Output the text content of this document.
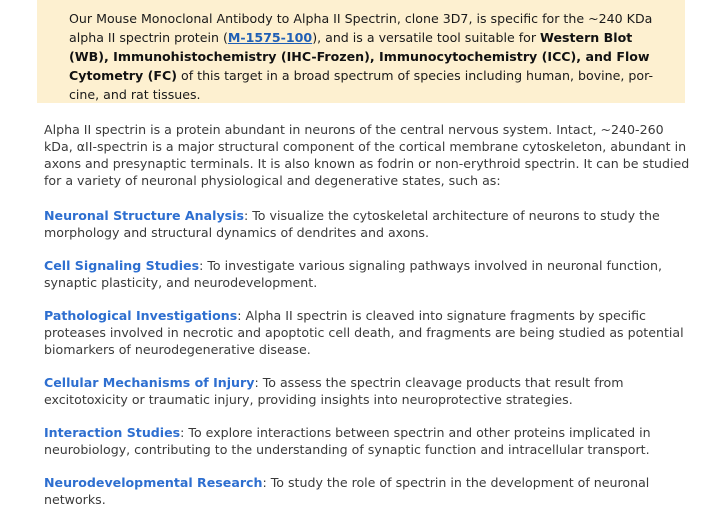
Our Mouse Monoclonal Antibody to Alpha II Spectrin, clone 3D7, is specific for the ~240 KDa alpha II spectrin protein (M-1575-100), and is a versatile tool suitable for Western Blot (WB), Immunohistochemistry (IHC-Frozen), Immunocytochemistry (ICC), and Flow Cytometry (FC) of this target in a broad spectrum of species including human, bovine, por-cine, and rat tissues.

Alpha II spectrin is a protein abundant in neurons of the central nervous system. Intact, ~240-260 kDa, αII-spectrin is a major structural component of the cortical membrane cytoskeleton, abundant in axons and presynaptic terminals. It is also known as fodrin or non-erythroid spectrin. It can be studied for a variety of neuronal physiological and degenerative states, such as:

Neuronal Structure Analysis: To visualize the cytoskeletal architecture of neurons to study the morphology and structural dynamics of dendrites and axons.

Cell Signaling Studies: To investigate various signaling pathways involved in neuronal function, synaptic plasticity, and neurodevelopment.

Pathological Investigations: Alpha II spectrin is cleaved into signature fragments by specific proteases involved in necrotic and apoptotic cell death, and fragments are being studied as potential biomarkers of neurodegenerative disease.

Cellular Mechanisms of Injury: To assess the spectrin cleavage products that result from excitotoxicity or traumatic injury, providing insights into neuroprotective strategies.

Interaction Studies: To explore interactions between spectrin and other proteins implicated in neurobiology, contributing to the understanding of synaptic function and intracellular transport.

Neurodevelopmental Research: To study the role of spectrin in the development of neuronal networks.
